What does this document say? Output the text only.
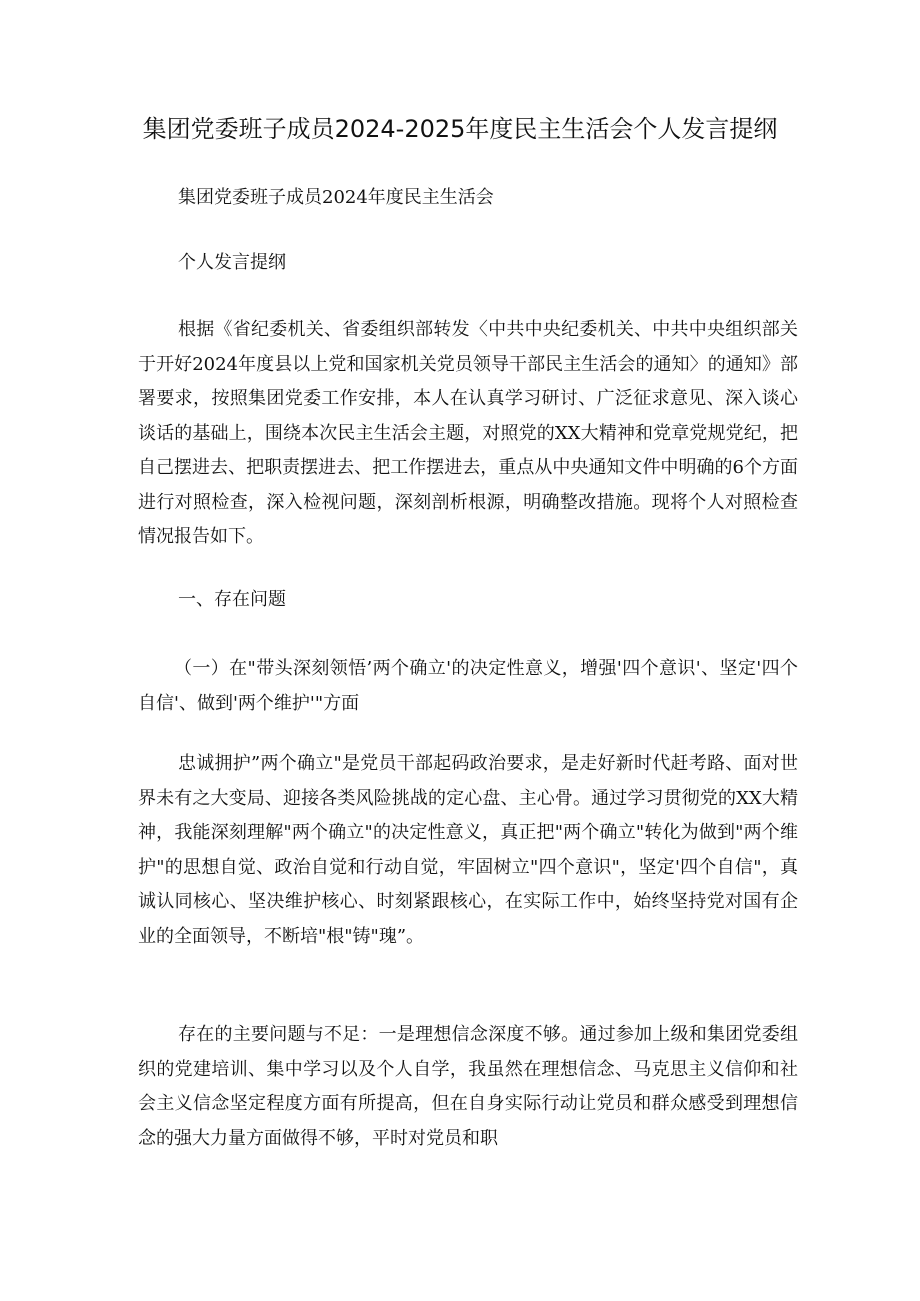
集团党委班子成员2024-2025年度民主生活会个人发言提纲

集团党委班子成员2024年度民主生活会

个人发言提纲

根据《省纪委机关、省委组织部转发〈中共中央纪委机关、中共中央组织部关于开好2024年度县以上党和国家机关党员领导干部民主生活会的通知〉的通知》部署要求，按照集团党委工作安排，本人在认真学习研讨、广泛征求意见、深入谈心谈话的基础上，围绕本次民主生活会主题，对照党的XX大精神和党章党规党纪，把自己摆进去、把职责摆进去、把工作摆进去，重点从中央通知文件中明确的6个方面进行对照检查，深入检视问题，深刻剖析根源，明确整改措施。现将个人对照检查情况报告如下。

一、存在问题

（一）在"带头深刻领悟’两个确立'的决定性意义，增强'四个意识'、坚定'四个自信'、做到'两个维护'"方面

忠诚拥护”两个确立"是党员干部起码政治要求，是走好新时代赶考路、面对世界未有之大变局、迎接各类风险挑战的定心盘、主心骨。通过学习贯彻党的XX大精神，我能深刻理解"两个确立"的决定性意义，真正把"两个确立"转化为做到"两个维护"的思想自觉、政治自觉和行动自觉，牢固树立"四个意识"，坚定'四个自信"，真诚认同核心、坚决维护核心、时刻紧跟核心，在实际工作中，始终坚持党对国有企业的全面领导，不断培"根"铸"瑰”。

存在的主要问题与不足：一是理想信念深度不够。通过参加上级和集团党委组织的党建培训、集中学习以及个人自学，我虽然在理想信念、马克思主义信仰和社会主义信念坚定程度方面有所提高，但在自身实际行动让党员和群众感受到理想信念的强大力量方面做得不够，平时对党员和职
